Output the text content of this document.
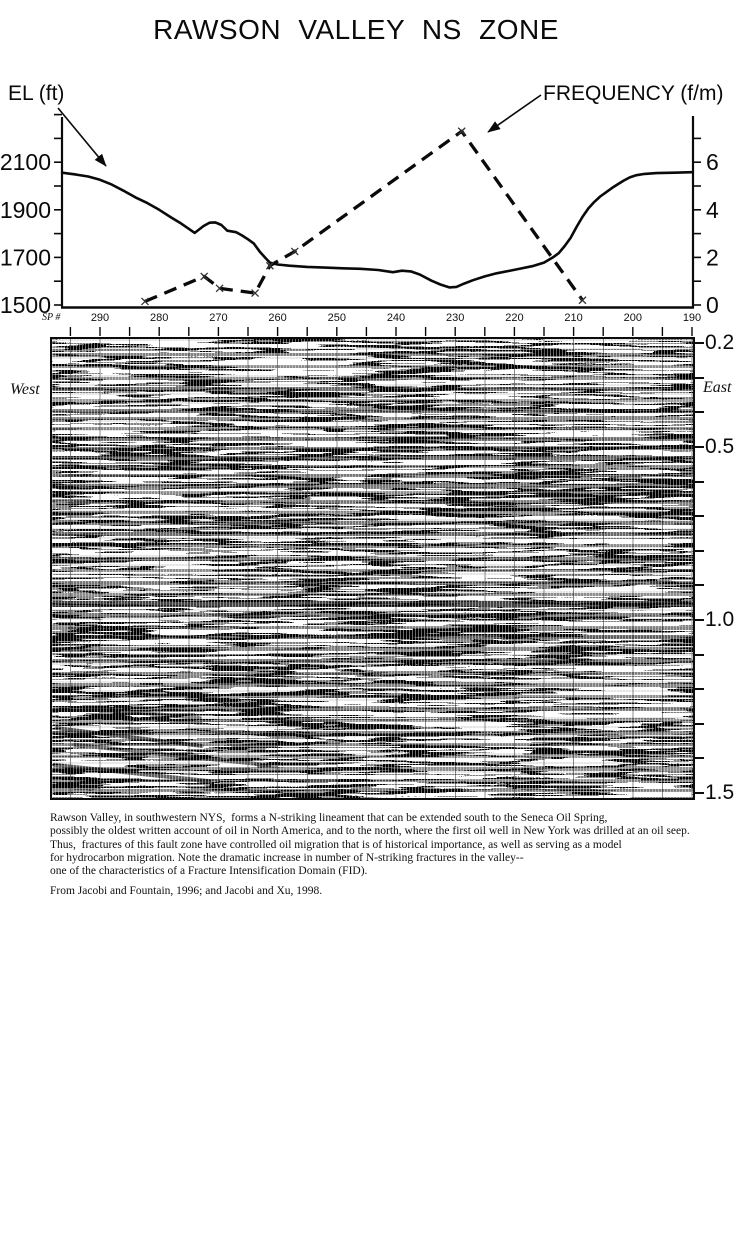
RAWSON VALLEY NS ZONE
EL (ft)	FREQUENCY (f/m)
2100
1900
1700
1500
6
4
2
0
290	280	270	260	250	240	230	220	210	200	190
SP #
West	East
0.2
0.5
1.0
1.5
Rawson Valley, in southwestern NYS,  forms a N-striking lineament that can be extended south to the Seneca Oil Spring,
possibly the oldest written account of oil in North America, and to the north, where the first oil well in New York was drilled at an oil seep.
Thus,  fractures of this fault zone have controlled oil migration that is of historical importance, as well as serving as a model
for hydrocarbon migration. Note the dramatic increase in number of N-striking fractures in the valley--
one of the characteristics of a Fracture Intensification Domain (FID).
From Jacobi and Fountain, 1996; and Jacobi and Xu, 1998.
